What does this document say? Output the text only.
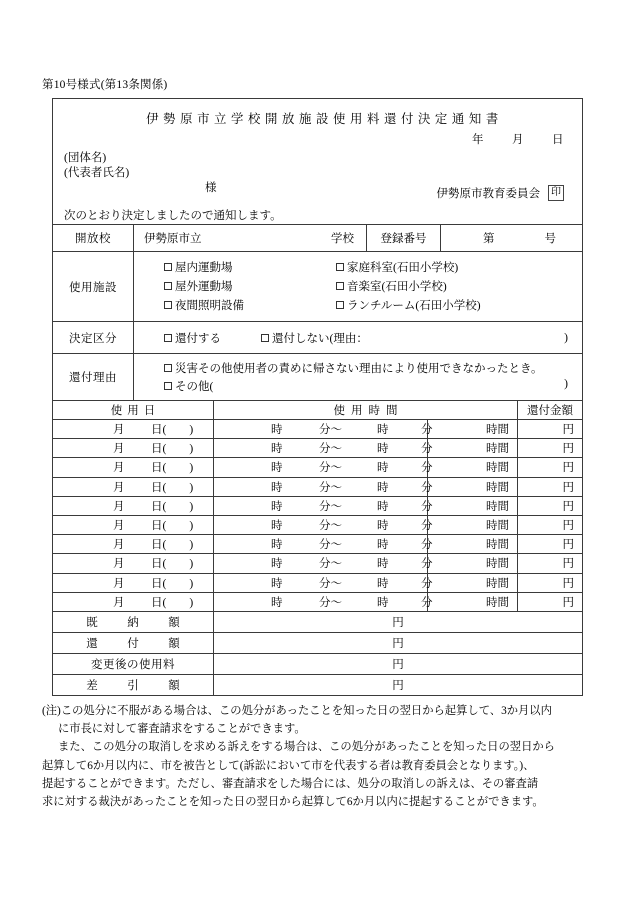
第10号様式(第13条関係)
伊勢原市立学校開放施設使用料還付決定通知書
年 月 日
(団体名)
(代表者氏名)
様	伊勢原市教育委員会	印
次のとおり決定しましたので通知します。
開放校	伊勢原市立	学校	登録番号	第	号
使用施設
屋内運動場
屋外運動場
夜間照明設備
家庭科室(石田小学校)
音楽室(石田小学校)
ランチルーム(石田小学校)
決定区分	還付する	還付しない(理由：	)
還付理由
災害その他使用者の責めに帰さない理由により使用できなかったとき。
その他(	)
使用日	使用時間	還付金額
月 日(　　)	時	分～	時	分	時間	円
月 日(　　)	時	分～	時	分	時間	円
月 日(　　)	時	分～	時	分	時間	円
月 日(　　)	時	分～	時	分	時間	円
月 日(　　)	時	分～	時	分	時間	円
月 日(　　)	時	分～	時	分	時間	円
月 日(　　)	時	分～	時	分	時間	円
月 日(　　)	時	分～	時	分	時間	円
月 日(　　)	時	分～	時	分	時間	円
月 日(　　)	時	分～	時	分	時間	円
既　納　額	円
還　付　額	円
変更後の使用料	円
差　引　額	円

(注)この処分に不服がある場合は、この処分があったことを知った日の翌日から起算して、3か月以内
に市長に対して審査請求をすることができます。

また、この処分の取消しを求める訴えをする場合は、この処分があったことを知った日の翌日から
起算して6か月以内に、市を被告として(訴訟において市を代表する者は教育委員会となります。)、
提起することができます。ただし、審査請求をした場合には、処分の取消しの訴えは、その審査請
求に対する裁決があったことを知った日の翌日から起算して6か月以内に提起することができます。
